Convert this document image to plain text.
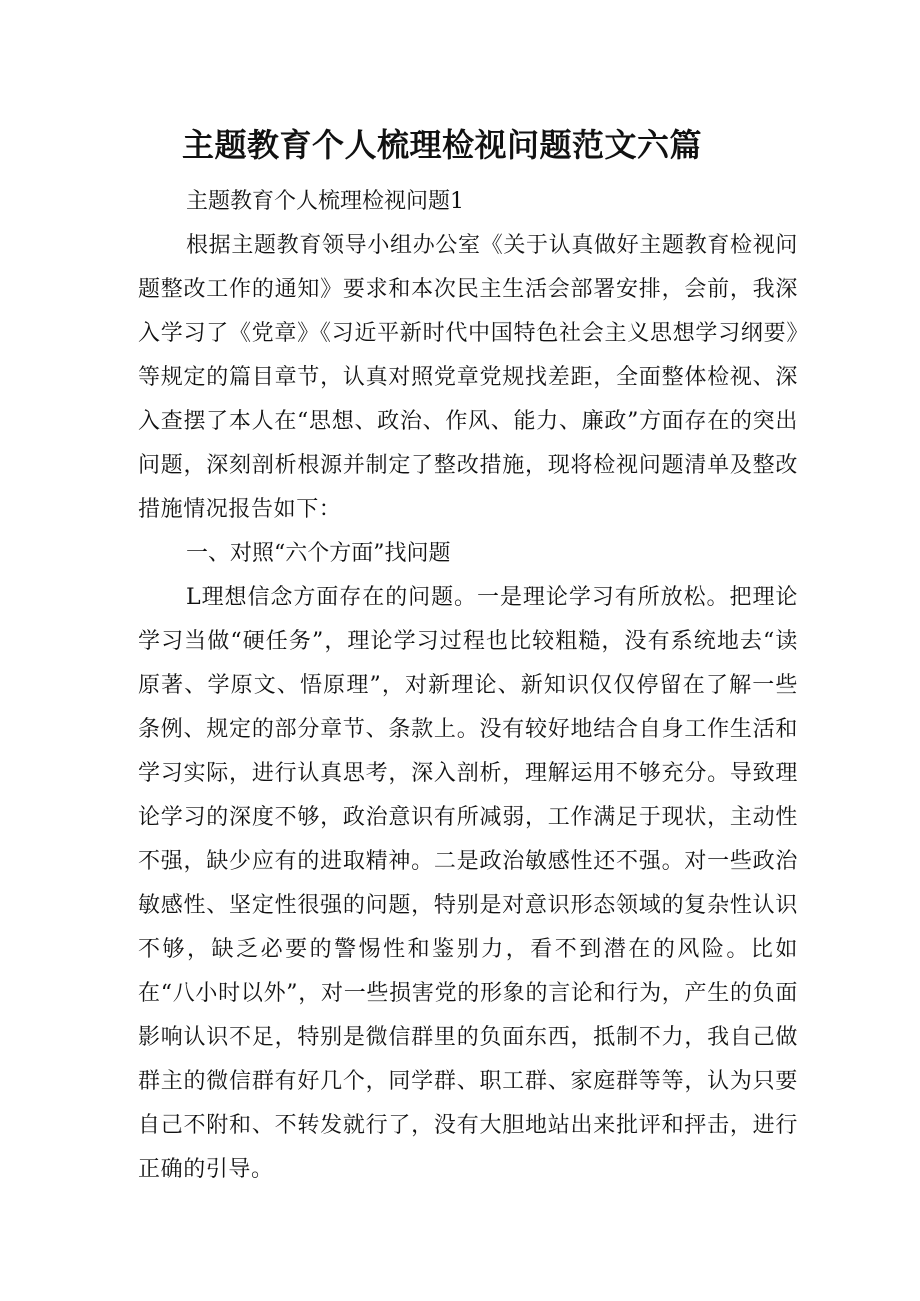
主题教育个人梳理检视问题范文六篇

主题教育个人梳理检视问题1

根据主题教育领导小组办公室《关于认真做好主题教育检视问题整改工作的通知》要求和本次民主生活会部署安排，会前，我深入学习了《党章》《习近平新时代中国特色社会主义思想学习纲要》等规定的篇目章节，认真对照党章党规找差距，全面整体检视、深入查摆了本人在“思想、政治、作风、能力、廉政”方面存在的突出问题，深刻剖析根源并制定了整改措施，现将检视问题清单及整改措施情况报告如下：

一、对照“六个方面”找问题

L理想信念方面存在的问题。一是理论学习有所放松。把理论学习当做“硬任务”，理论学习过程也比较粗糙，没有系统地去“读原著、学原文、悟原理”，对新理论、新知识仅仅停留在了解一些条例、规定的部分章节、条款上。没有较好地结合自身工作生活和学习实际，进行认真思考，深入剖析，理解运用不够充分。导致理论学习的深度不够，政治意识有所减弱，工作满足于现状，主动性不强，缺少应有的进取精神。二是政治敏感性还不强。对一些政治敏感性、坚定性很强的问题，特别是对意识形态领域的复杂性认识不够，缺乏必要的警惕性和鉴别力，看不到潜在的风险。比如在“八小时以外”，对一些损害党的形象的言论和行为，产生的负面影响认识不足，特别是微信群里的负面东西，抵制不力，我自己做群主的微信群有好几个，同学群、职工群、家庭群等等，认为只要自己不附和、不转发就行了，没有大胆地站出来批评和抨击，进行正确的引导。
